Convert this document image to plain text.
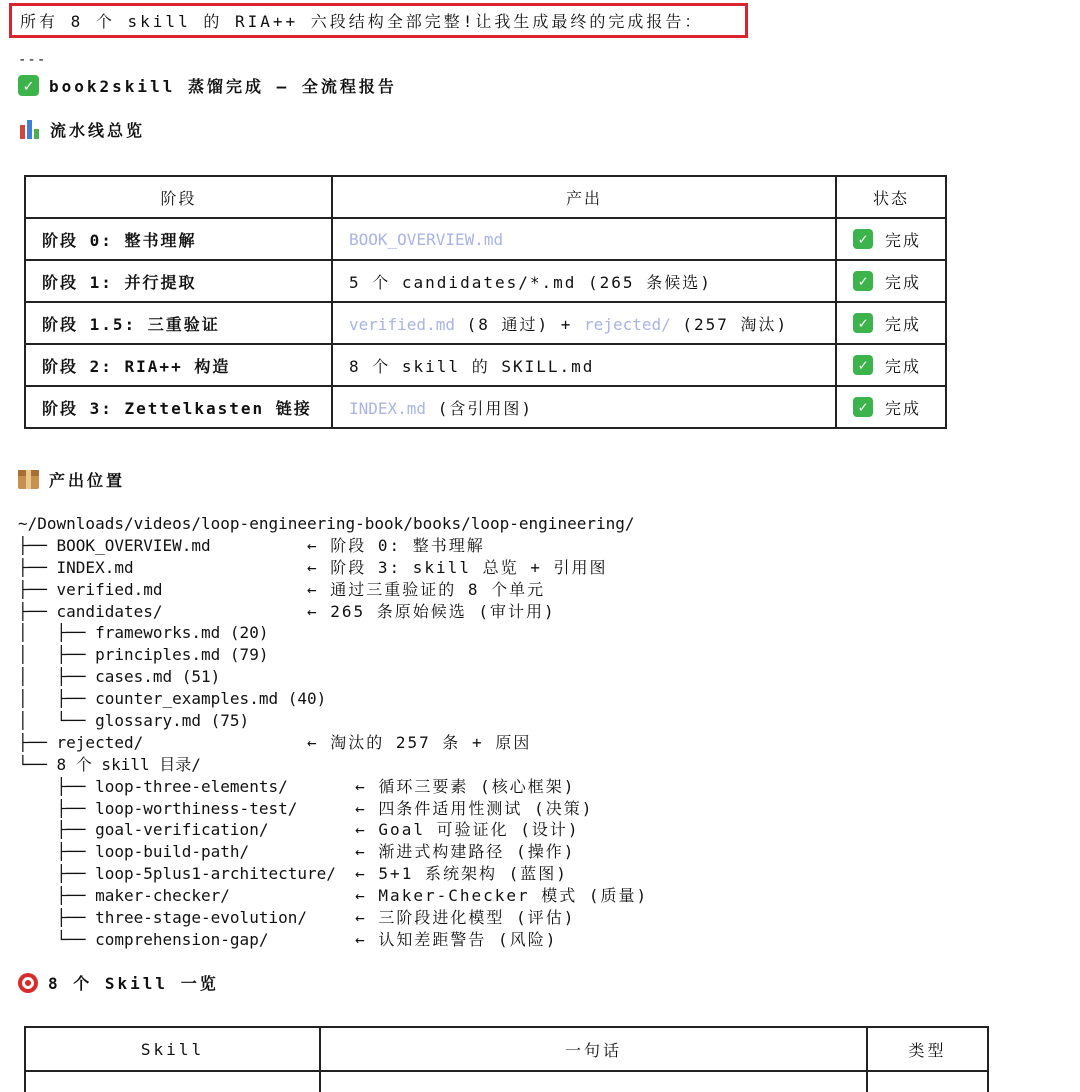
所有 8 个 skill 的 RIA++ 六段结构全部完整!让我生成最终的完成报告：
---
✓ book2skill 蒸馏完成 — 全流程报告
流水线总览
阶段	产出	状态
阶段 0: 整书理解	BOOK_OVERVIEW.md	✓ 完成

阶段 1: 并行提取	5 个 candidates/*.md (265 条候选)	✓ 完成

阶段 1.5: 三重验证	verified.md (8 通过) + rejected/ (257 淘汰)	✓ 完成

阶段 2: RIA++ 构造	8 个 skill 的 SKILL.md	✓ 完成

阶段 3: Zettelkasten 链接	INDEX.md (含引用图)	✓ 完成
产出位置
~/Downloads/videos/loop-engineering-book/books/loop-engineering/
├── BOOK_OVERVIEW.md ← 阶段 0: 整书理解
├── INDEX.md ← 阶段 3: skill 总览 + 引用图
├── verified.md ← 通过三重验证的 8 个单元
├── candidates/ ← 265 条原始候选 (审计用)
│   ├── frameworks.md (20)
│   ├── principles.md (79)
│   ├── cases.md (51)
│   ├── counter_examples.md (40)
│   └── glossary.md (75)
├── rejected/ ← 淘汰的 257 条 + 原因
└── 8 个 skill 目录/
├── loop-three-elements/ ← 循环三要素 (核心框架)
├── loop-worthiness-test/ ← 四条件适用性测试 (决策)
├── goal-verification/ ← Goal 可验证化 (设计)
├── loop-build-path/ ← 渐进式构建路径 (操作)
├── loop-5plus1-architecture/ ← 5+1 系统架构 (蓝图)
├── maker-checker/ ← Maker-Checker 模式 (质量)
├── three-stage-evolution/ ← 三阶段进化模型 (评估)
└── comprehension-gap/ ← 认知差距警告 (风险)
8 个 Skill 一览
Skill	一句话	类型
